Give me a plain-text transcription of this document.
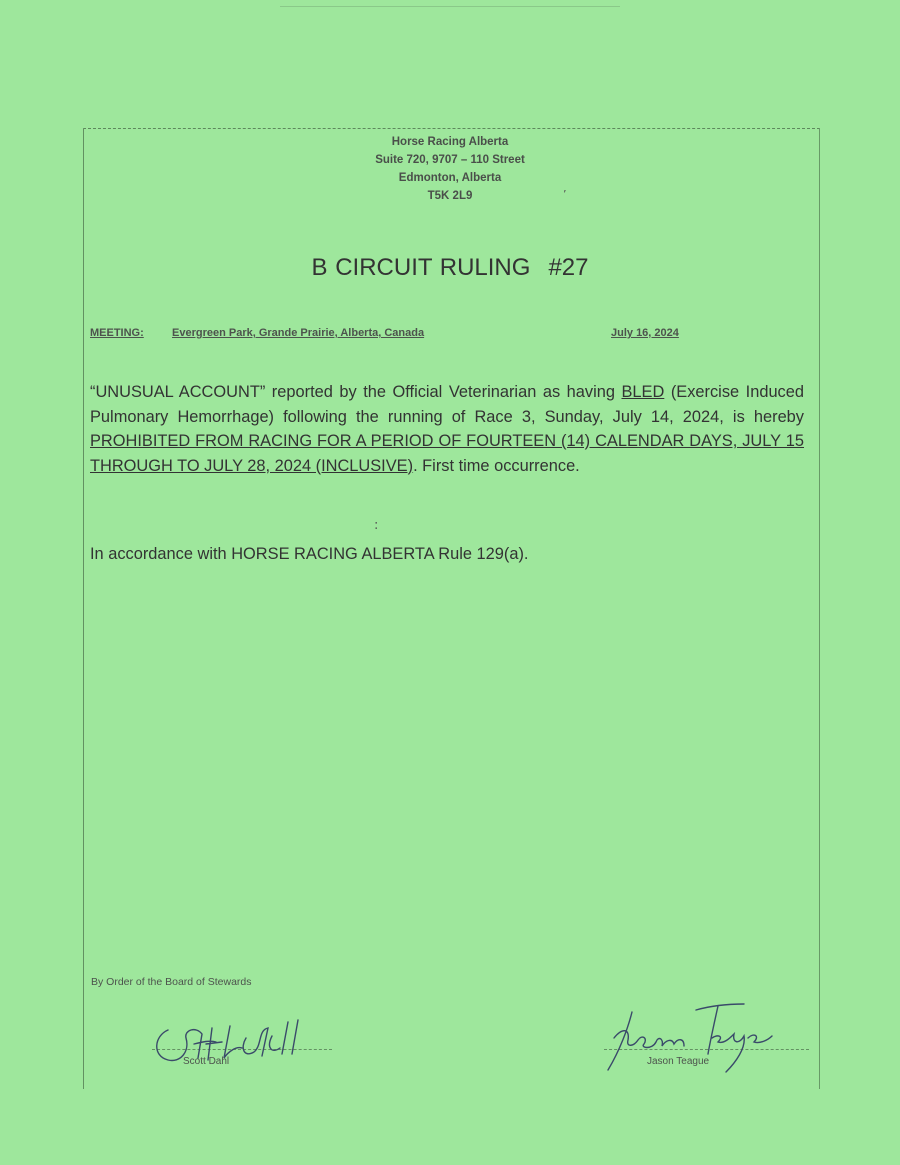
Horse Racing Alberta
Suite 720, 9707 – 110 Street
Edmonton, Alberta
T5K 2L9	’
B CIRCUIT RULING #27
MEETING:	Evergreen Park, Grande Prairie, Alberta, Canada	July 16, 2024
“UNUSUAL ACCOUNT” reported by the Official Veterinarian as having BLED (Exercise Induced Pulmonary Hemorrhage) following the running of Race 3, Sunday, July 14, 2024, is hereby PROHIBITED FROM RACING FOR A PERIOD OF FOURTEEN (14) CALENDAR DAYS, JULY 15 THROUGH TO JULY 28, 2024 (INCLUSIVE). First time occurrence.
:
In accordance with HORSE RACING ALBERTA Rule 129(a).
By Order of the Board of Stewards
Scott Dahl	Jason Teague
